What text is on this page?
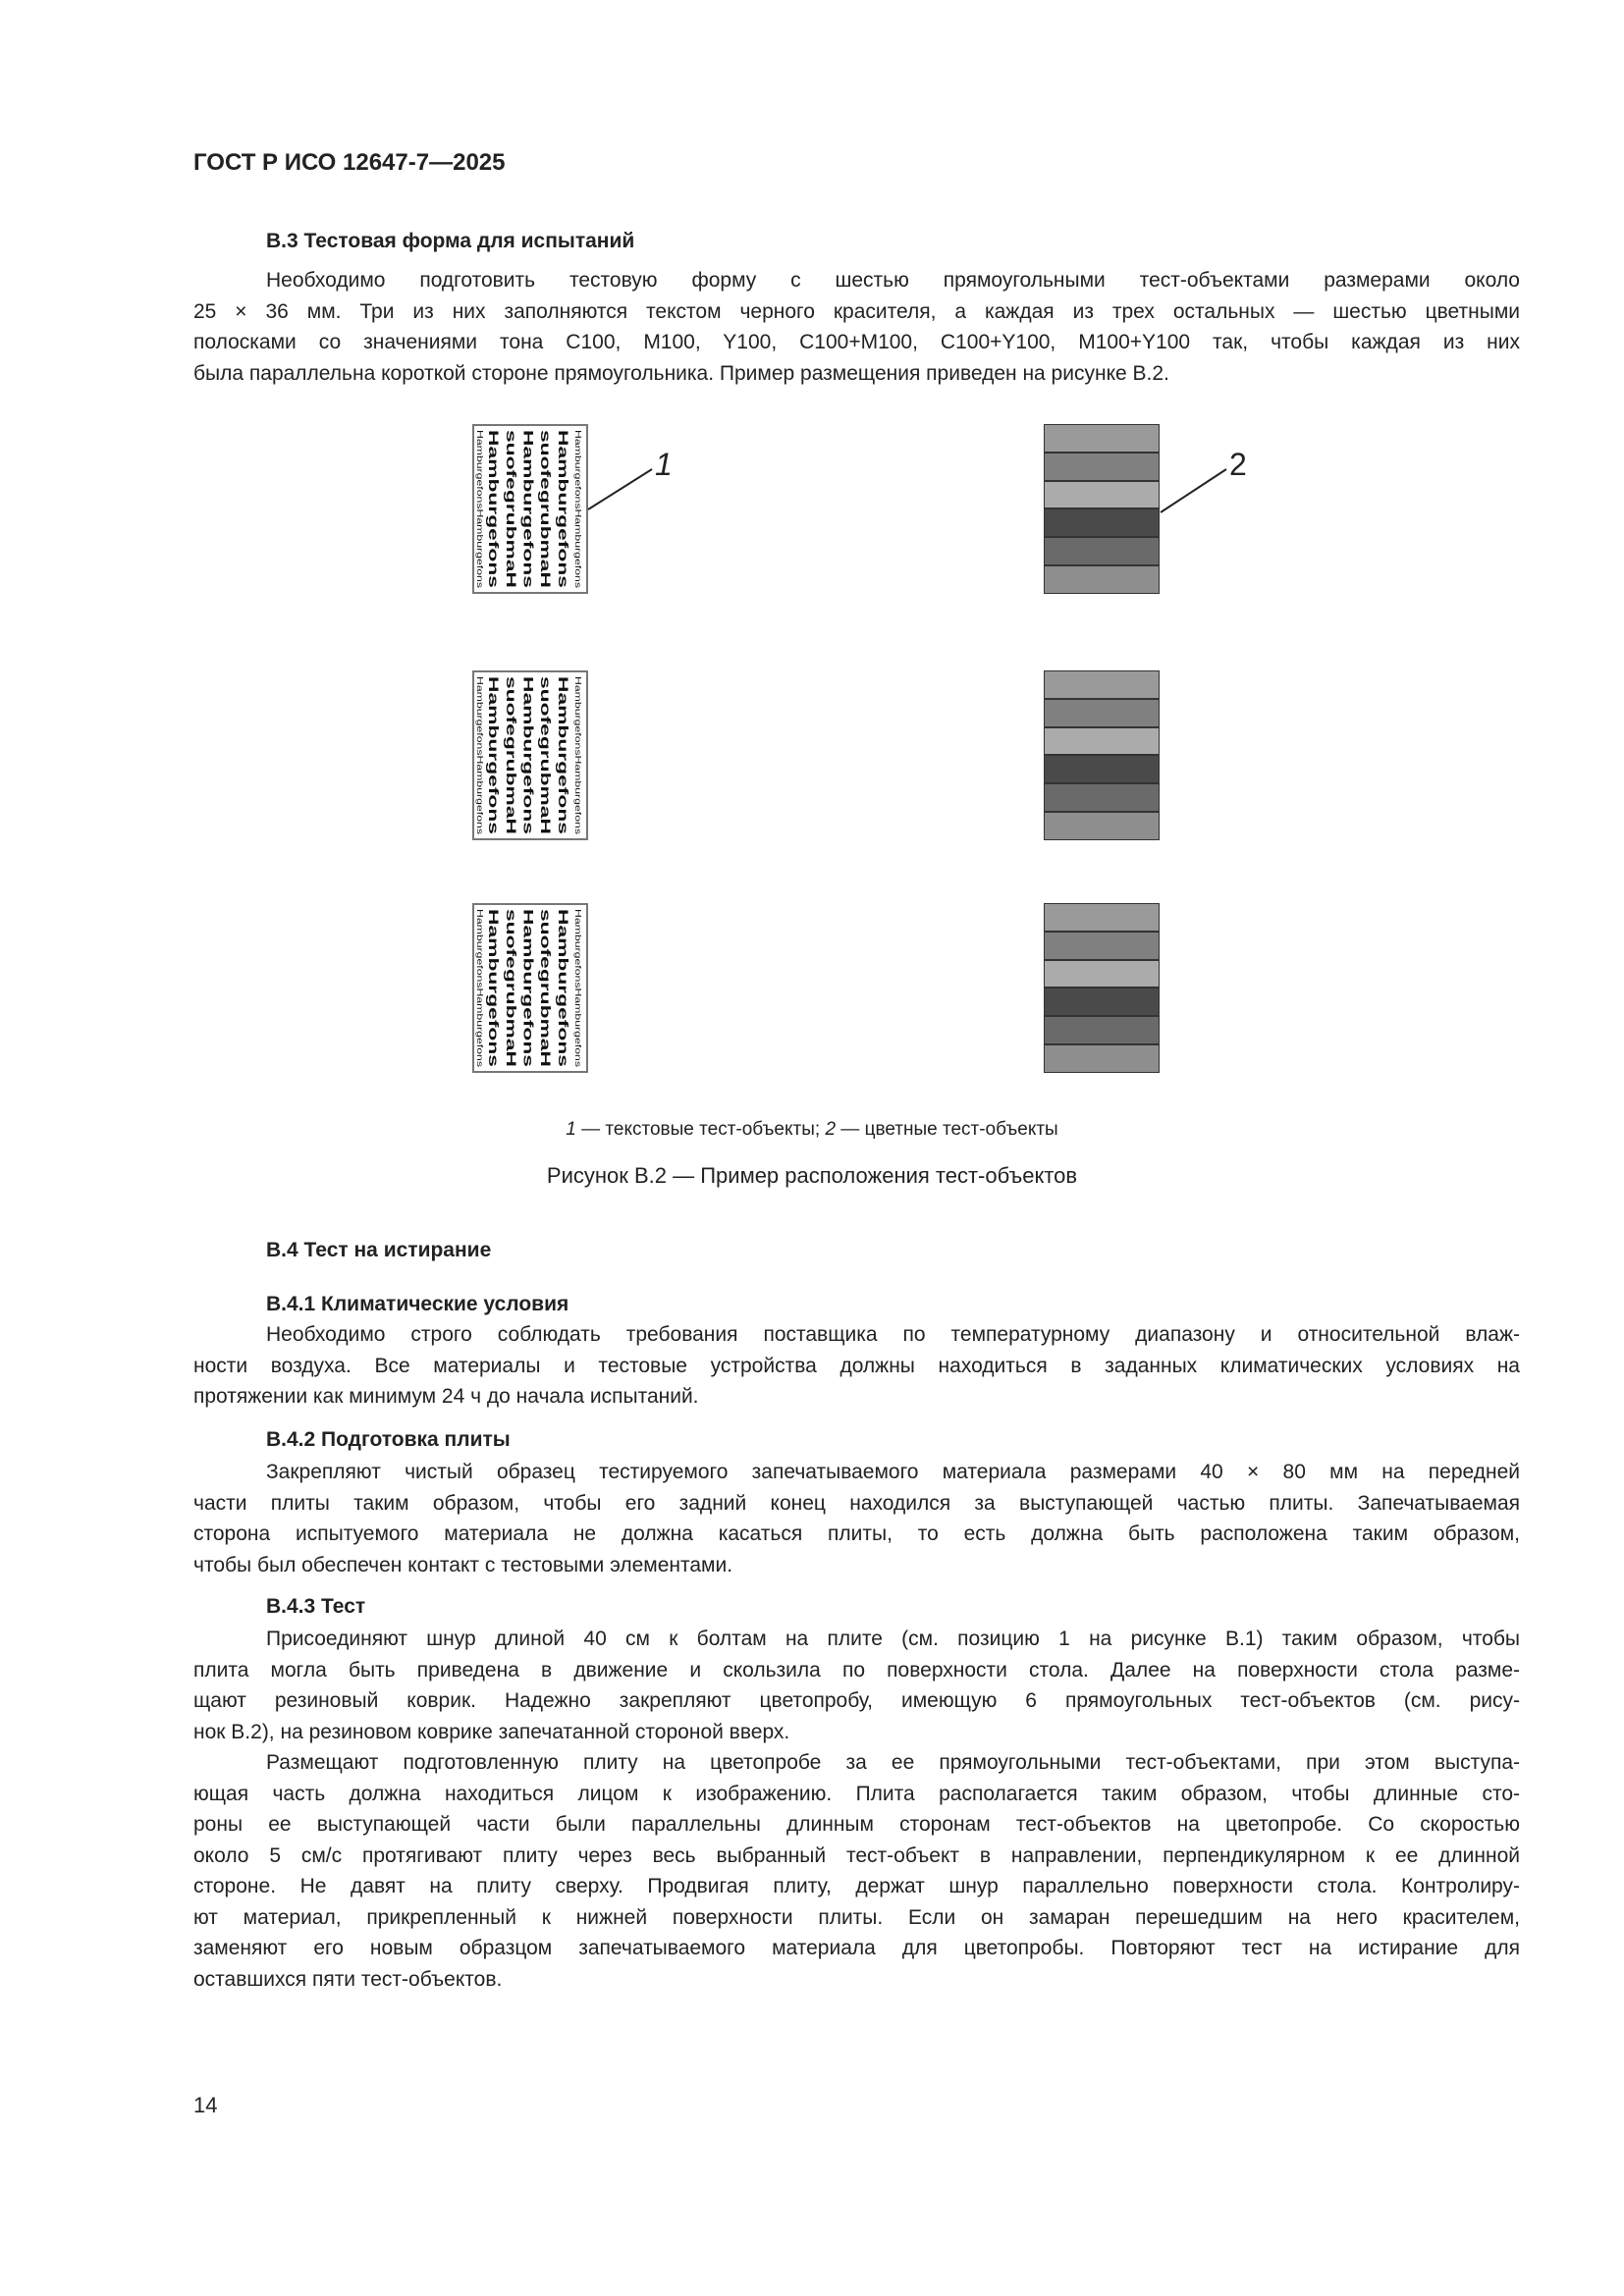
ГОСТ Р ИСО 12647-7—2025
В.3 Тестовая форма для испытаний
Необходимо подготовить тестовую форму с шестью прямоугольными тест-объектами размерами около
25 × 36 мм. Три из них заполняются текстом черного красителя, а каждая из трех остальных — шестью цветными
полосками со значениями тона C100, M100, Y100, C100+M100, C100+Y100, M100+Y100 так, чтобы каждая из них
была параллельна короткой стороне прямоугольника. Пример размещения приведен на рисунке В.2.
HamburgefonsHamburgefons Hamburgefons suofegrubmaH Hamburgefons suofegrubmaH Hamburgefons HamburgefonsHamburgefons
HamburgefonsHamburgefons Hamburgefons suofegrubmaH Hamburgefons suofegrubmaH Hamburgefons HamburgefonsHamburgefons
HamburgefonsHamburgefons Hamburgefons suofegrubmaH Hamburgefons suofegrubmaH Hamburgefons HamburgefonsHamburgefons
1	2
1 — текстовые тест-объекты; 2 — цветные тест-объекты
Рисунок В.2 — Пример расположения тест-объектов
В.4 Тест на истирание
В.4.1 Климатические условия
Необходимо строго соблюдать требования поставщика по температурному диапазону и относительной влаж-
ности воздуха. Все материалы и тестовые устройства должны находиться в заданных климатических условиях на
протяжении как минимум 24 ч до начала испытаний.
В.4.2 Подготовка плиты
Закрепляют чистый образец тестируемого запечатываемого материала размерами 40 × 80 мм на передней
части плиты таким образом, чтобы его задний конец находился за выступающей частью плиты. Запечатываемая
сторона испытуемого материала не должна касаться плиты, то есть должна быть расположена таким образом,
чтобы был обеспечен контакт с тестовыми элементами.
В.4.3 Тест
Присоединяют шнур длиной 40 см к болтам на плите (см. позицию 1 на рисунке В.1) таким образом, чтобы
плита могла быть приведена в движение и скользила по поверхности стола. Далее на поверхности стола разме-
щают резиновый коврик. Надежно закрепляют цветопробу, имеющую 6 прямоугольных тест-объектов (см. рису-
нок В.2), на резиновом коврике запечатанной стороной вверх.
Размещают подготовленную плиту на цветопробе за ее прямоугольными тест-объектами, при этом выступа-
ющая часть должна находиться лицом к изображению. Плита располагается таким образом, чтобы длинные сто-
роны ее выступающей части были параллельны длинным сторонам тест-объектов на цветопробе. Со скоростью
около 5 см/с протягивают плиту через весь выбранный тест-объект в направлении, перпендикулярном к ее длинной
стороне. Не давят на плиту сверху. Продвигая плиту, держат шнур параллельно поверхности стола. Контролиру-
ют материал, прикрепленный к нижней поверхности плиты. Если он замаран перешедшим на него красителем,
заменяют его новым образцом запечатываемого материала для цветопробы. Повторяют тест на истирание для
оставшихся пяти тест-объектов.
14
